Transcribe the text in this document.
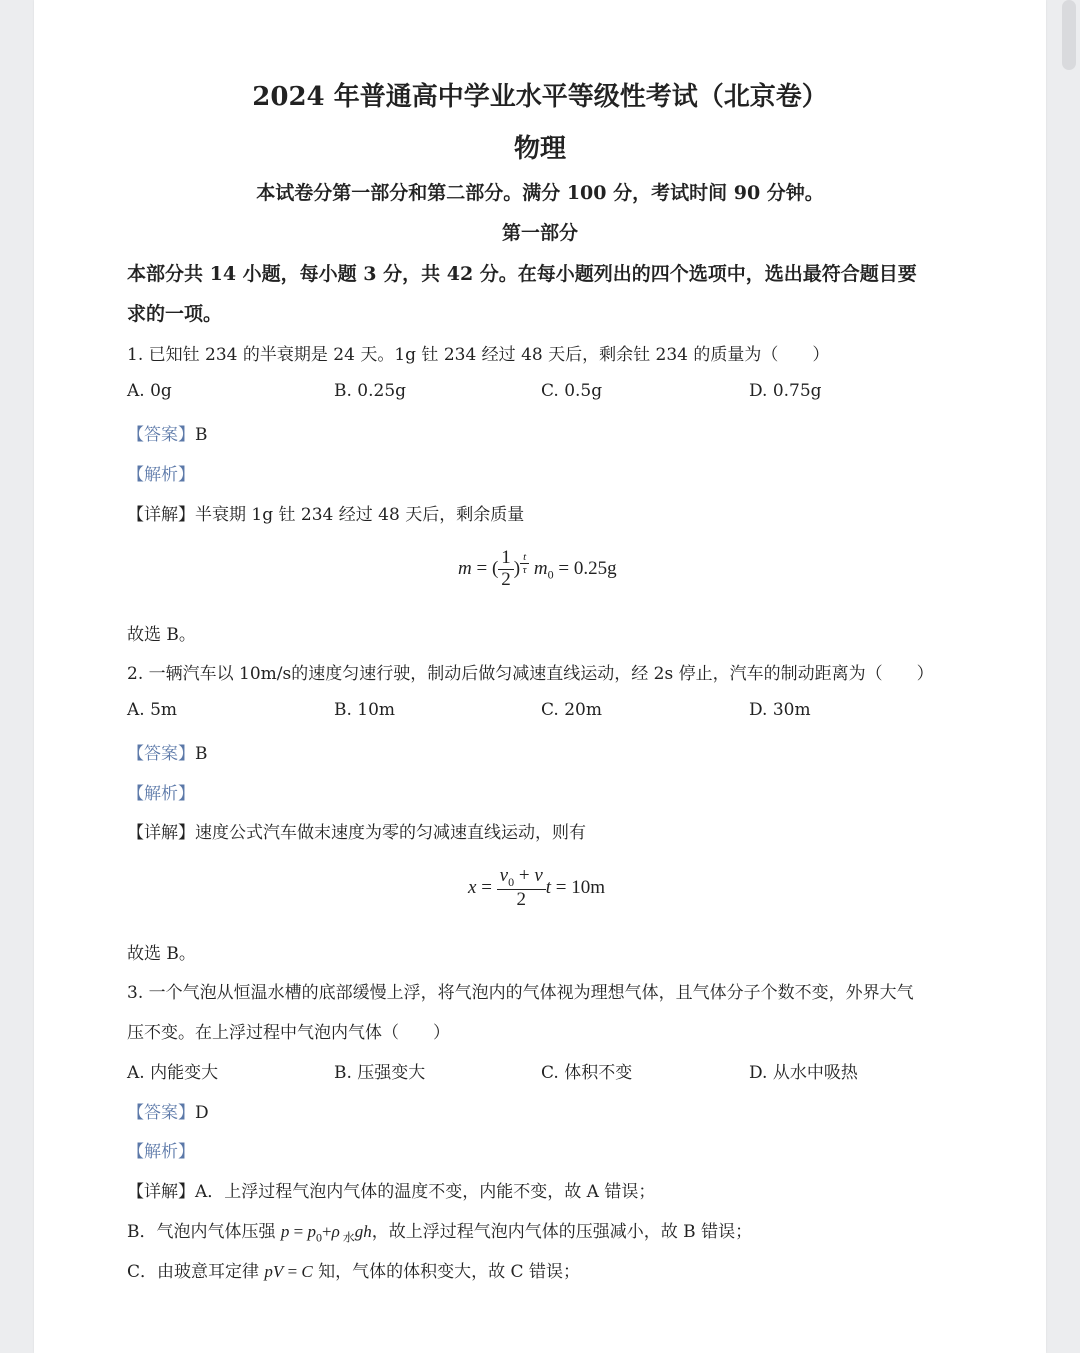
2024 年普通高中学业水平等级性考试（北京卷）
物理
本试卷分第一部分和第二部分。满分 100 分，考试时间 90 分钟。
第一部分
本部分共 14 小题，每小题 3 分，共 42 分。在每小题列出的四个选项中，选出最符合题目要
求的一项。
1. 已知钍 234 的半衰期是 24 天。1g 钍 234 经过 48 天后，剩余钍 234 的质量为（　　）
A. 0g	B. 0.25g	C. 0.5g	D. 0.75g
【答案】B
【解析】
【详解】半衰期 1g 钍 234 经过 48 天后，剩余质量
m = ( $\frac{1}{2}$ ) $^{\frac{t}{\tau}}$ $m_0 = 0.25g$
故选 B。
2. 一辆汽车以 10m/s的速度匀速行驶，制动后做匀减速直线运动，经 2s 停止，汽车的制动距离为（　　）
A. 5m	B. 10m	C. 20m	D. 30m
【答案】B
【解析】
【详解】速度公式汽车做末速度为零的匀减速直线运动，则有
$x = \frac{v_0 + v}{2}$ t = 10m
故选 B。
3. 一个气泡从恒温水槽的底部缓慢上浮，将气泡内的气体视为理想气体，且气体分子个数不变，外界大气
压不变。在上浮过程中气泡内气体（　　）
A. 内能变大	B. 压强变大	C. 体积不变	D. 从水中吸热
【答案】D
【解析】
【详解】A．上浮过程气泡内气体的温度不变，内能不变，故 A 错误；
B．气泡内气体压强 $p = p_0+\rho$ $_水$gh，故上浮过程气泡内气体的压强减小，故 B 错误；
C．由玻意耳定律 pV = C 知，气体的体积变大，故 C 错误；
